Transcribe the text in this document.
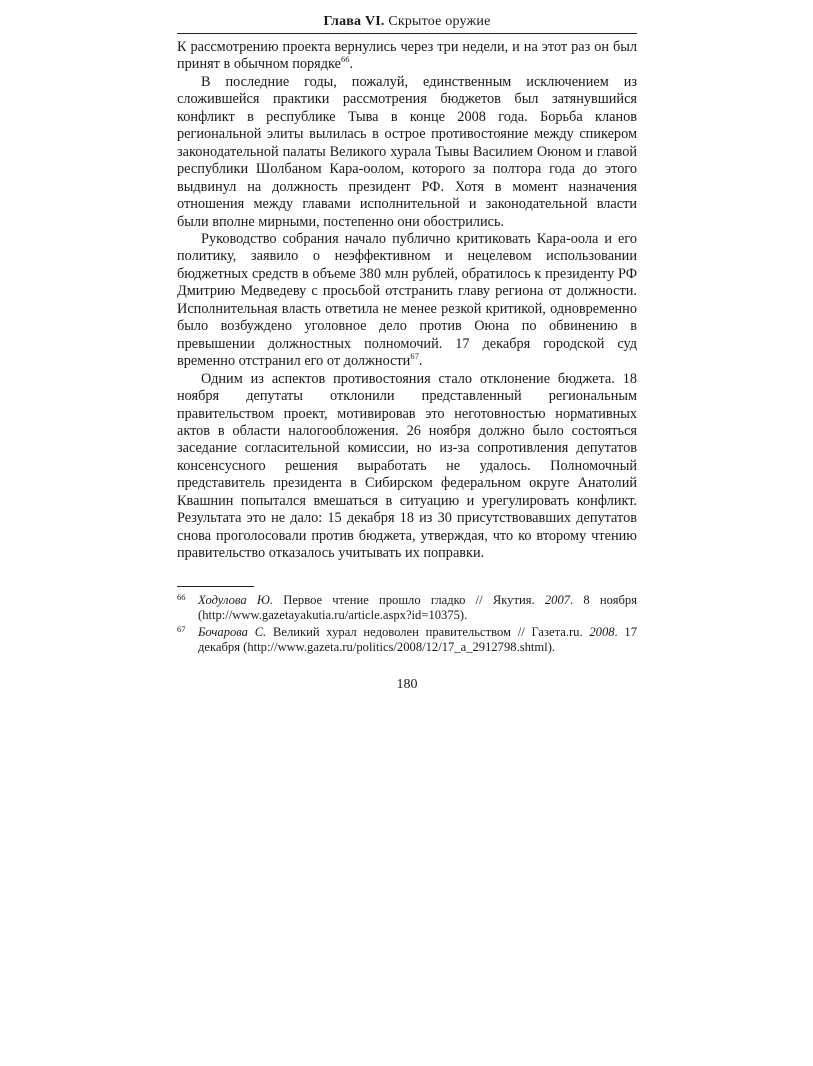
Глава VI. Скрытое оружие

К рассмотрению проекта вернулись через три недели, и на этот раз он был принят в обычном порядке$^{66}$.

В последние годы, пожалуй, единственным исключением из сложившейся практики рассмотрения бюджетов был затянувшийся конфликт в республике Тыва в конце 2008 года. Борьба кланов региональной элиты вылилась в острое противостояние между спикером законодательной палаты Великого хурала Тывы Василием Оюном и главой республики Шолбаном Кара-оолом, которого за полтора года до этого выдвинул на должность президент РФ. Хотя в момент назначения отношения между главами исполнительной и законодательной власти были вполне мирными, постепенно они обострились.

Руководство собрания начало публично критиковать Кара-оола и его политику, заявило о неэффективном и нецелевом использовании бюджетных средств в объеме 380 млн рублей, обратилось к президенту РФ Дмитрию Медведеву с просьбой отстранить главу региона от должности. Исполнительная власть ответила не менее резкой критикой, одновременно было возбуждено уголовное дело против Оюна по обвинению в превышении должностных полномочий. 17 декабря городской суд временно отстранил его от должности$^{67}$.

Одним из аспектов противостояния стало отклонение бюджета. 18 ноября депутаты отклонили представленный региональным правительством проект, мотивировав это неготовностью нормативных актов в области налогообложения. 26 ноября должно было состояться заседание согласительной комиссии, но из-за сопротивления депутатов консенсусного решения выработать не удалось. Полномочный представитель президента в Сибирском федеральном округе Анатолий Квашнин попытался вмешаться в ситуацию и урегулировать конфликт. Результата это не дало: 15 декабря 18 из 30 присутствовавших депутатов снова проголосовали против бюджета, утверждая, что ко второму чтению правительство отказалось учитывать их поправки.

66 Ходулова Ю. Первое чтение прошло гладко // Якутия. 2007. 8 ноября (http://www.gazetayakutia.ru/article.aspx?id=10375).
67 Бочарова С. Великий хурал недоволен правительством // Газета.ru. 2008. 17 декабря (http://www.gazeta.ru/politics/2008/12/17_a_2912798.shtml).
180
